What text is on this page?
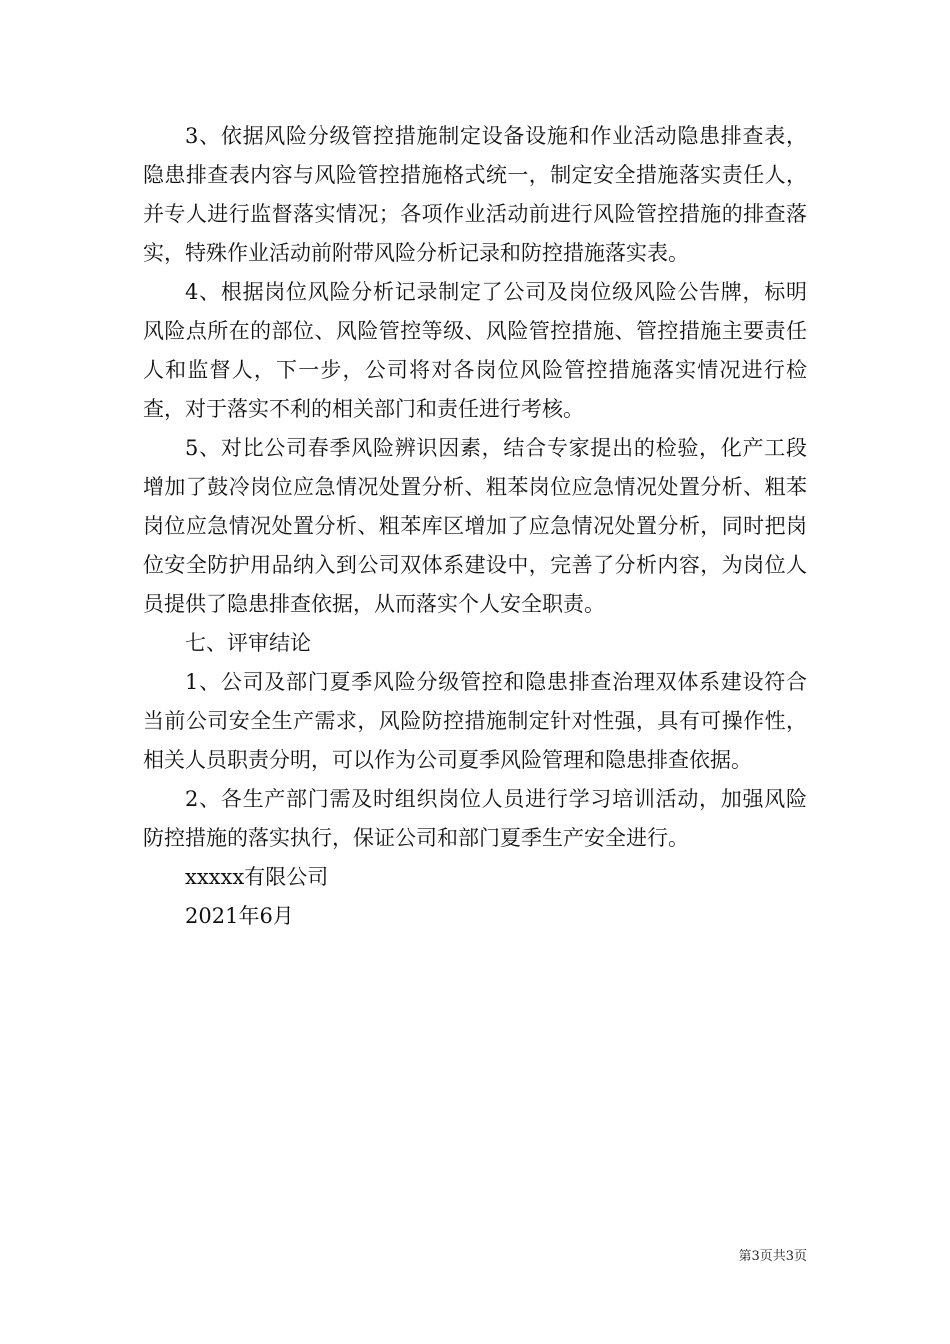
3、依据风险分级管控措施制定设备设施和作业活动隐患排查表，隐患排查表内容与风险管控措施格式统一，制定安全措施落实责任人，并专人进行监督落实情况；各项作业活动前进行风险管控措施的排查落实，特殊作业活动前附带风险分析记录和防控措施落实表。

4、根据岗位风险分析记录制定了公司及岗位级风险公告牌，标明风险点所在的部位、风险管控等级、风险管控措施、管控措施主要责任人和监督人，下一步，公司将对各岗位风险管控措施落实情况进行检查，对于落实不利的相关部门和责任进行考核。

5、对比公司春季风险辨识因素，结合专家提出的检验，化产工段增加了鼓冷岗位应急情况处置分析、粗苯岗位应急情况处置分析、粗苯岗位应急情况处置分析、粗苯库区增加了应急情况处置分析，同时把岗位安全防护用品纳入到公司双体系建设中，完善了分析内容，为岗位人员提供了隐患排查依据，从而落实个人安全职责。

七、评审结论

1、公司及部门夏季风险分级管控和隐患排查治理双体系建设符合当前公司安全生产需求，风险防控措施制定针对性强，具有可操作性，相关人员职责分明，可以作为公司夏季风险管理和隐患排查依据。

2、各生产部门需及时组织岗位人员进行学习培训活动，加强风险防控措施的落实执行，保证公司和部门夏季生产安全进行。

xxxxx有限公司

2021年6月

第3页共3页
